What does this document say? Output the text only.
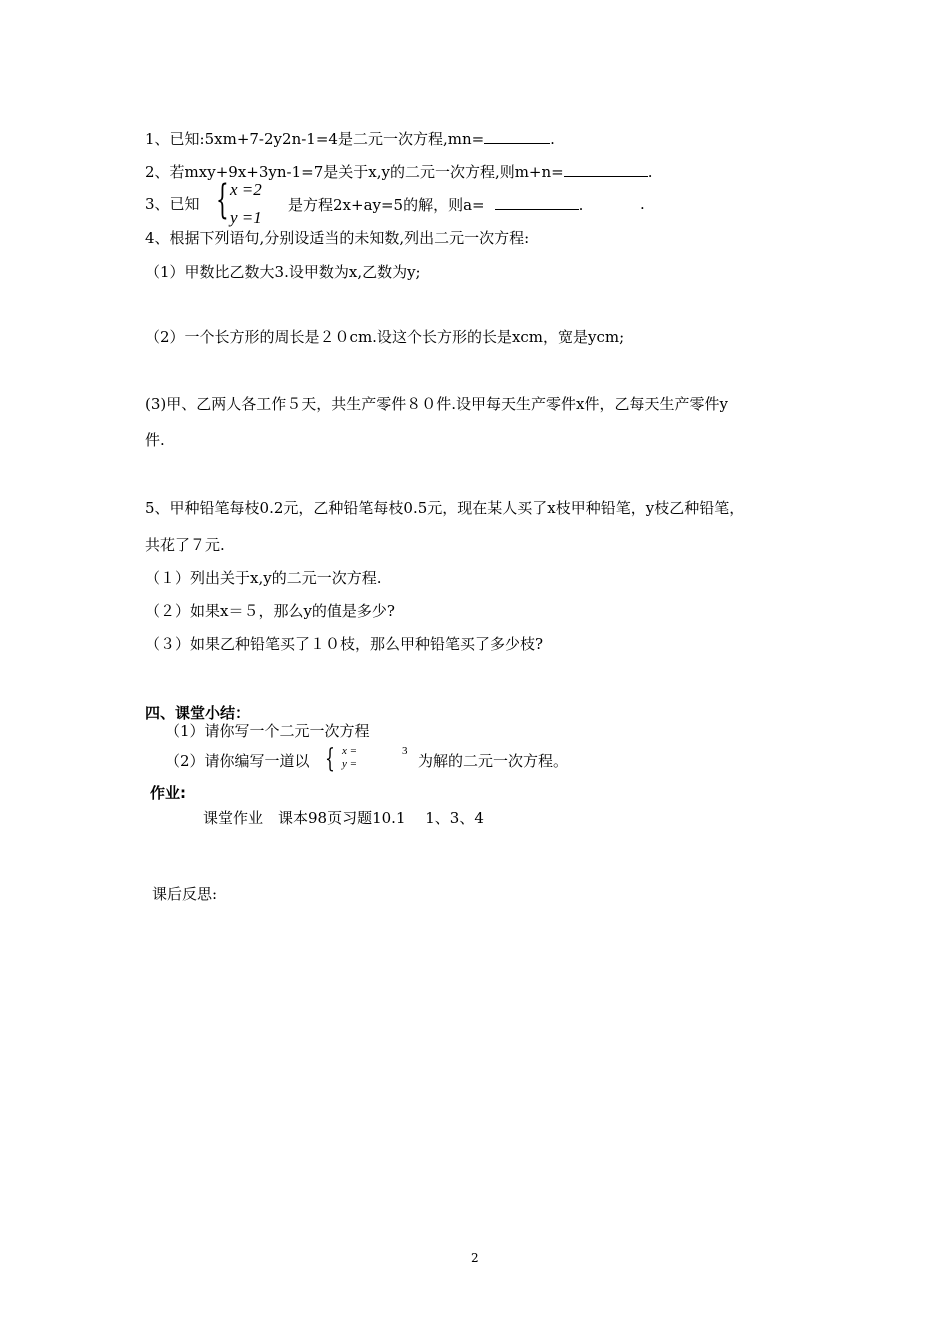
1、已知:5xm+7-2y2n-1=4是二元一次方程,mn=	.
2、若mxy+9x+3yn-1=7是关于x,y的二元一次方程,则m+n=	.
3、已知 { x =2
y =1
是方程2x+ay=5的解，则a=	.	.
4、根据下列语句,分别设适当的未知数,列出二元一次方程:
（1）甲数比乙数大3.设甲数为x,乙数为y;
（2）一个长方形的周长是２０cm.设这个长方形的长是xcm，宽是ycm;
(3)甲、乙两人各工作５天，共生产零件８０件.设甲每天生产零件x件，乙每天生产零件y
件.
5、甲种铅笔每枝0.2元，乙种铅笔每枝0.5元，现在某人买了x枝甲种铅笔，y枝乙种铅笔，
共花了７元.
（１）列出关于x,y的二元一次方程.
（２）如果x＝５，那么y的值是多少?
（３）如果乙种铅笔买了１０枝，那么甲种铅笔买了多少枝?
四、课堂小结：
（1）请你写一个二元一次方程
（2）请你编写一道以 { x =
y =
3
为解的二元一次方程。
作业:
课堂作业　课本98页习题10.1　 1、3、4
课后反思:
2
